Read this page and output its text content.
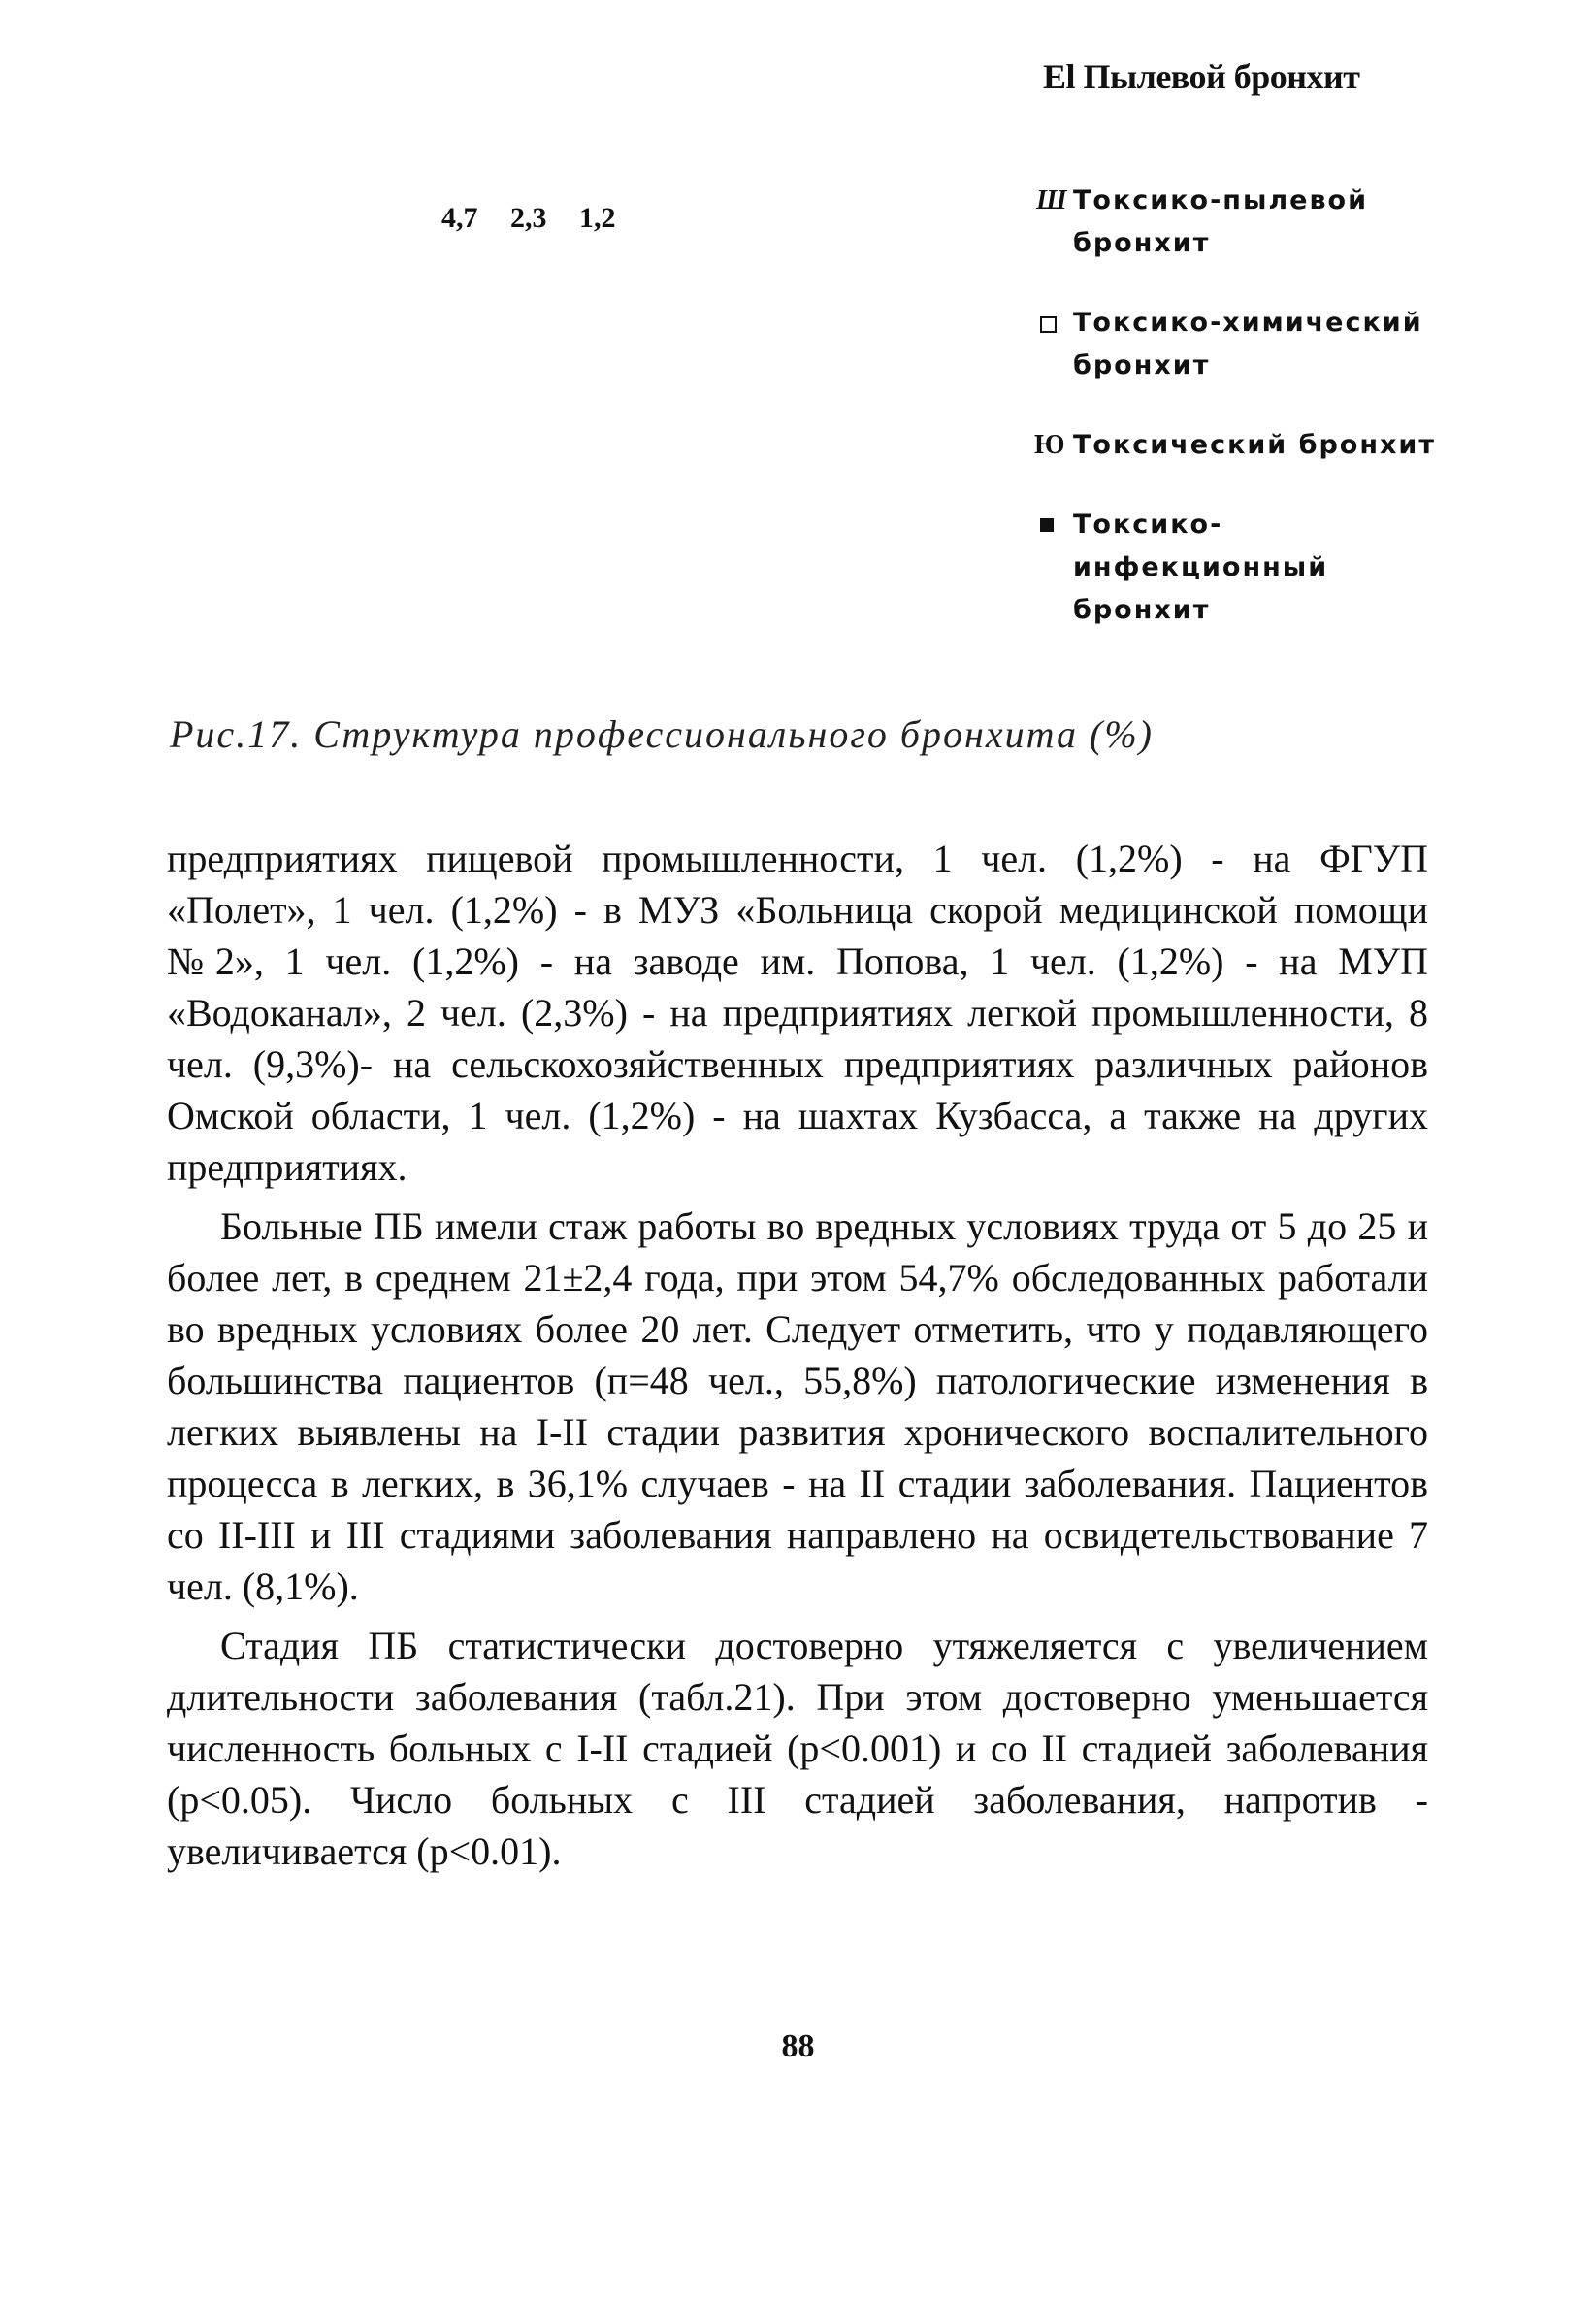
El Пылевой бронхит
4,7 2,3 1,2
Ш Токсико-пылевой бронхит
Токсико-химический бронхит
Ю Токсический бронхит
Токсико-инфекционный бронхит
Рис.17. Структура профессионального бронхита (%)

предприятиях пищевой промышленности, 1 чел. (1,2%) - на ФГУП «Полет», 1 чел. (1,2%) - в МУЗ «Больница скорой медицинской помощи №2», 1 чел. (1,2%) - на заводе им. Попова, 1 чел. (1,2%) - на МУП «Водоканал», 2 чел. (2,3%) - на предприятиях легкой промышленности, 8 чел. (9,3%)- на сельскохозяйственных предприятиях различных районов Омской области, 1 чел. (1,2%) - на шахтах Кузбасса, а также на других предприятиях.

Больные ПБ имели стаж работы во вредных условиях труда от 5 до 25 и более лет, в среднем 21±2,4 года, при этом 54,7% обследованных работали во вредных условиях более 20 лет. Следует отметить, что у подавляющего большинства пациентов (п=48 чел., 55,8%) патологические изменения в легких выявлены на I-II стадии развития хронического воспалительного процесса в легких, в 36,1% случаев - на II стадии заболевания. Пациентов со II-III и III стадиями заболевания направлено на освидетельствование 7 чел. (8,1%).

Стадия ПБ статистически достоверно утяжеляется с увеличением длительности заболевания (табл.21). При этом достоверно уменьшается численность больных с I-II стадией (р<0.001) и со II стадией заболевания (р<0.05). Число больных с III стадией заболевания, напротив - увеличивается (р<0.01).

88
